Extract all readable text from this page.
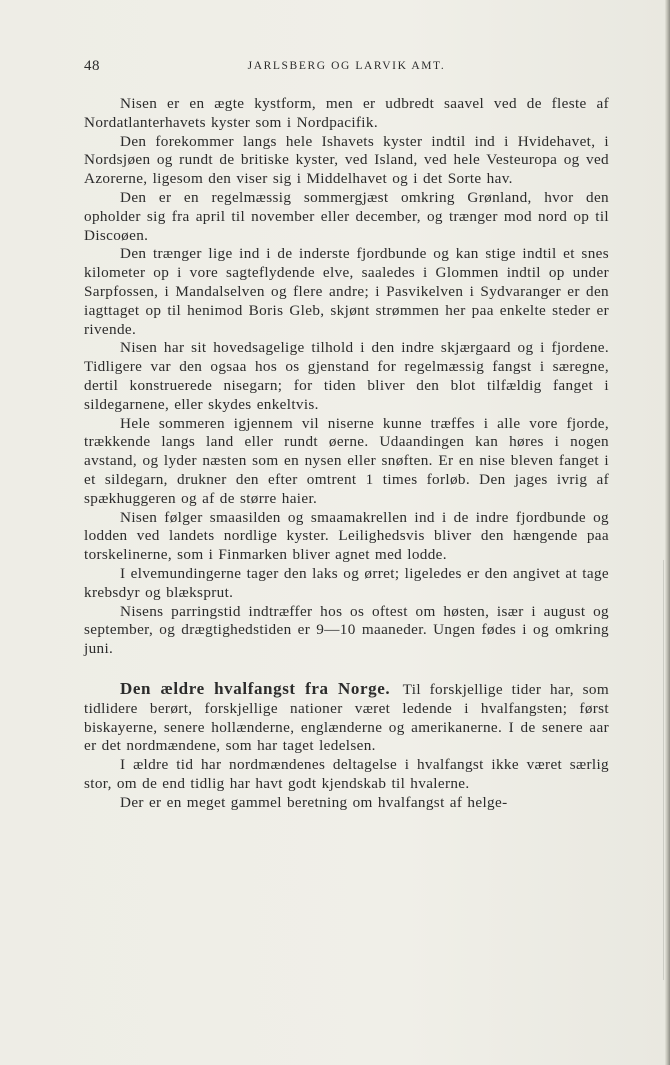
48	JARLSBERG OG LARVIK AMT.

Nisen er en ægte kystform, men er udbredt saavel ved de fleste af Nordatlanterhavets kyster som i Nordpacifik.

Den forekommer langs hele Ishavets kyster indtil ind i Hvidehavet, i Nordsjøen og rundt de britiske kyster, ved Island, ved hele Vesteuropa og ved Azorerne, ligesom den viser sig i Middelhavet og i det Sorte hav.

Den er en regelmæssig sommergjæst omkring Grønland, hvor den opholder sig fra april til november eller december, og trænger mod nord op til Discoøen.

Den trænger lige ind i de inderste fjordbunde og kan stige indtil et snes kilometer op i vore sagteflydende elve, saaledes i Glommen indtil op under Sarpfossen, i Mandalselven og flere andre; i Pasvikelven i Sydvaranger er den iagttaget op til henimod Boris Gleb, skjønt strømmen her paa enkelte steder er rivende.

Nisen har sit hovedsagelige tilhold i den indre skjærgaard og i fjordene. Tidligere var den ogsaa hos os gjenstand for regelmæssig fangst i særegne, dertil konstruerede nisegarn; for tiden bliver den blot tilfældig fanget i sildegarnene, eller skydes enkeltvis.

Hele sommeren igjennem vil niserne kunne træffes i alle vore fjorde, trækkende langs land eller rundt øerne. Udaandingen kan høres i nogen avstand, og lyder næsten som en nysen eller snøften. Er en nise bleven fanget i et sildegarn, drukner den efter omtrent 1 times forløb. Den jages ivrig af spækhuggeren og af de større haier.

Nisen følger smaasilden og smaamakrellen ind i de indre fjordbunde og lodden ved landets nordlige kyster. Leilighedsvis bliver den hængende paa torskelinerne, som i Finmarken bliver agnet med lodde.

I elvemundingerne tager den laks og ørret; ligeledes er den angivet at tage krebsdyr og blæksprut.

Nisens parringstid indtræffer hos os oftest om høsten, især i august og september, og drægtighedstiden er 9—10 maaneder. Ungen fødes i og omkring juni.

Den ældre hvalfangst fra Norge. Til forskjellige tider har, som tidlidere berørt, forskjellige nationer været ledende i hvalfangsten; først biskayerne, senere hollænderne, englænderne og amerikanerne. I de senere aar er det nordmændene, som har taget ledelsen.

I ældre tid har nordmændenes deltagelse i hvalfangst ikke været særlig stor, om de end tidlig har havt godt kjendskab til hvalerne.

Der er en meget gammel beretning om hvalfangst af helge-
